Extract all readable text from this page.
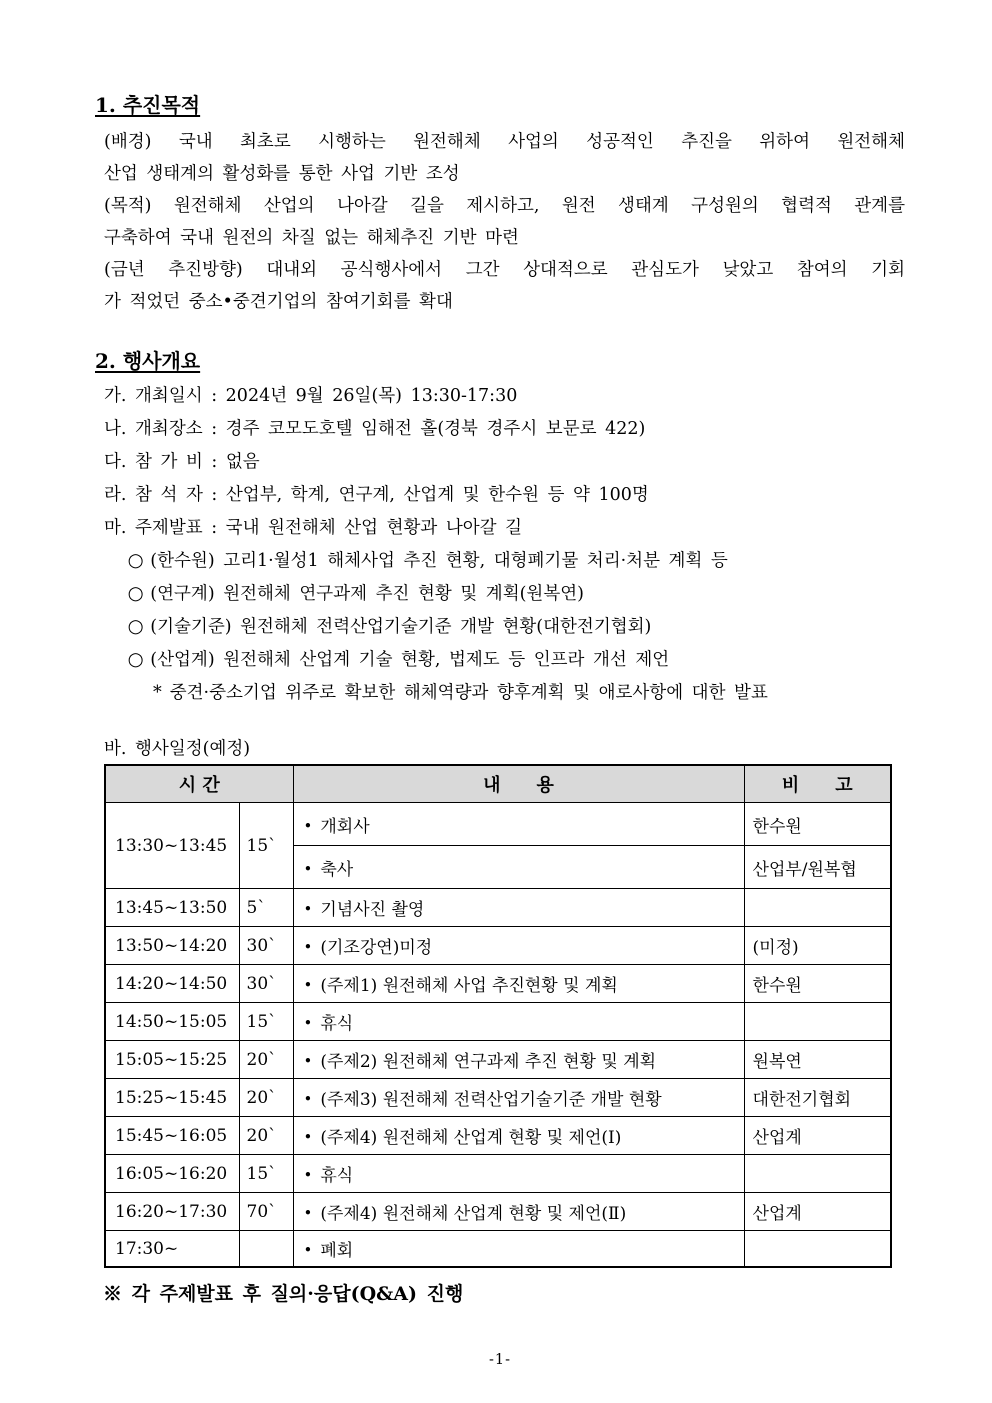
1. 추진목적
(배경) 국내 최초로 시행하는 원전해체 사업의 성공적인 추진을 위하여 원전해체
산업 생태계의 활성화를 통한 사업 기반 조성
(목적) 원전해체 산업의 나아갈 길을 제시하고, 원전 생태계 구성원의 협력적 관계를
구축하여 국내 원전의 차질 없는 해체추진 기반 마련
(금년 추진방향) 대내외 공식행사에서 그간 상대적으로 관심도가 낮았고 참여의 기회
가 적었던 중소•중견기업의 참여기회를 확대
2. 행사개요
가. 개최일시 : 2024년 9월 26일(목) 13:30-17:30
나. 개최장소 : 경주 코모도호텔 임해전 홀(경북 경주시 보문로 422)
다. 참 가 비 : 없음
라. 참 석 자 : 산업부, 학계, 연구계, 산업계 및 한수원 등 약 100명
마. 주제발표 : 국내 원전해체 산업 현황과 나아갈 길
○ (한수원) 고리1·월성1 해체사업 추진 현황, 대형폐기물 처리·처분 계획 등
○ (연구계) 원전해체 연구과제 추진 현황 및 계획(원복연)
○ (기술기준) 원전해체 전력산업기술기준 개발 현황(대한전기협회)
○ (산업계) 원전해체 산업계 기술 현황, 법제도 등 인프라 개선 제언
* 중견·중소기업 위주로 확보한 해체역량과 향후계획 및 애로사항에 대한 발표
바. 행사일정(예정)
시 간		내　　용	비　　고
13:30~13:45	15`	• 개회사	한수원
		• 축사	산업부/원복협
13:45~13:50	5`	• 기념사진 촬영	
13:50~14:20	30`	• (기조강연)미정	(미정)
14:20~14:50	30`	• (주제1) 원전해체 사업 추진현황 및 계획	한수원
14:50~15:05	15`	• 휴식	
15:05~15:25	20`	• (주제2) 원전해체 연구과제 추진 현황 및 계획	원복연
15:25~15:45	20`	• (주제3) 원전해체 전력산업기술기준 개발 현황	대한전기협회
15:45~16:05	20`	• (주제4) 원전해체 산업계 현황 및 제언(Ⅰ)	산업계
16:05~16:20	15`	• 휴식	
16:20~17:30	70`	• (주제4) 원전해체 산업계 현황 및 제언(Ⅱ)	산업계
17:30~		• 폐회	
※ 각 주제발표 후 질의·응답(Q&A) 진행
-1-
